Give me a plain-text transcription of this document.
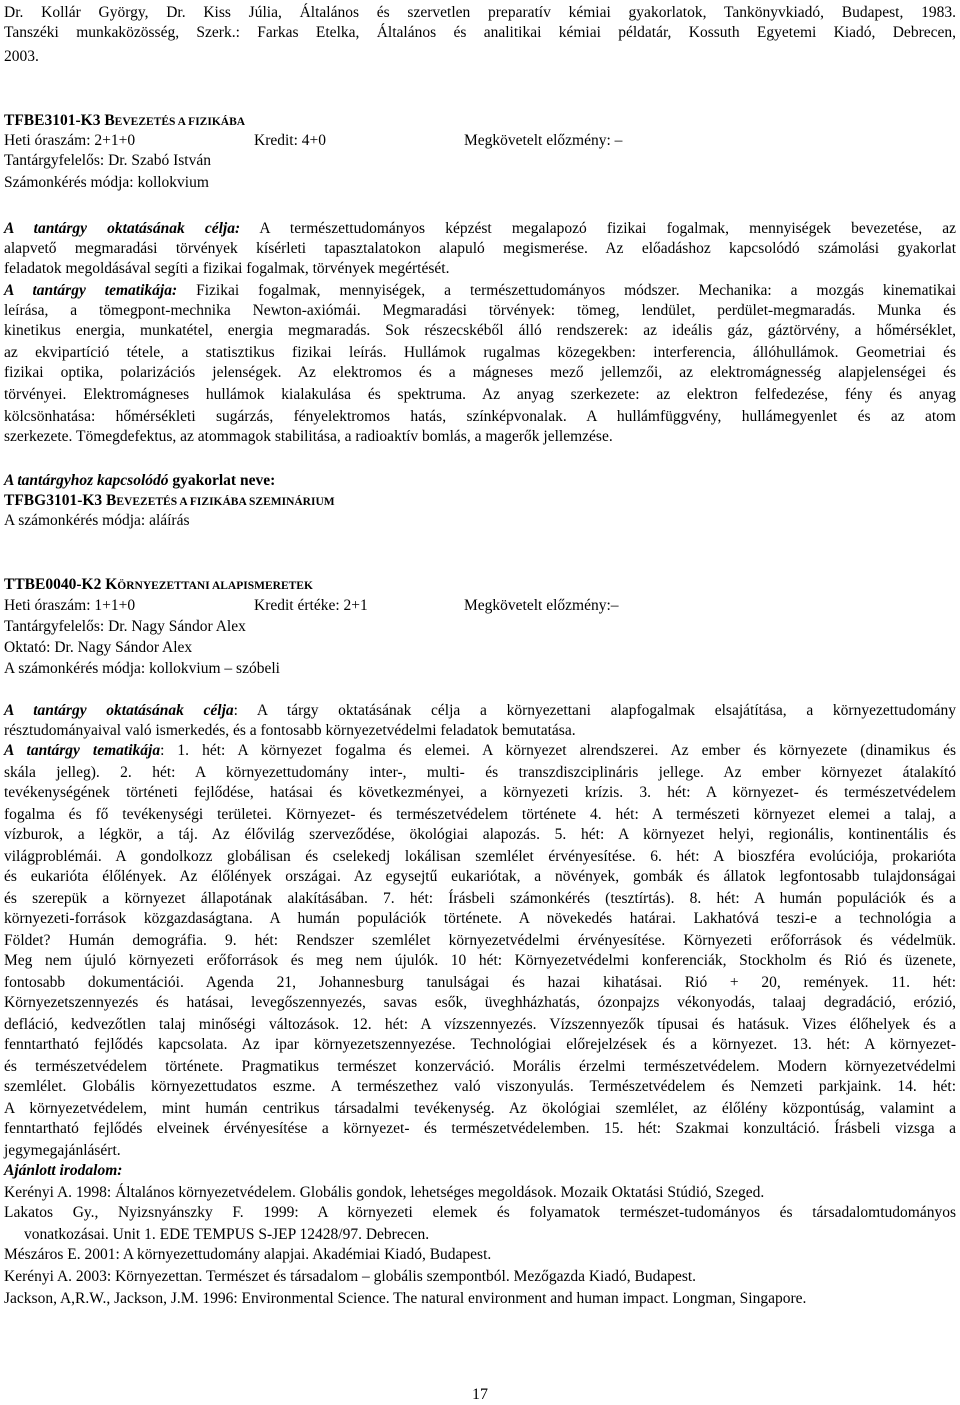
Dr. Kollár György, Dr. Kiss Júlia, Általános és szervetlen preparatív kémiai gyakorlatok, Tankönyvkiadó, Budapest, 1983.
Tanszéki munkaközösség, Szerk.: Farkas Etelka, Általános és analitikai kémiai példatár, Kossuth Egyetemi Kiadó, Debrecen,
2003.
TFBE3101-K3 BEVEZETÉS A FIZIKÁBA
Heti óraszám: 2+1+0	Kredit: 4+0	Megkövetelt előzmény: –
Tantárgyfelelős: Dr. Szabó István
Számonkérés módja: kollokvium
A tantárgy oktatásának célja: A természettudományos képzést megalapozó fizikai fogalmak, mennyiségek bevezetése, az
alapvető megmaradási törvények kísérleti tapasztalatokon alapuló megismerése. Az előadáshoz kapcsolódó számolási gyakorlat
feladatok megoldásával segíti a fizikai fogalmak, törvények megértését.
A tantárgy tematikája: Fizikai fogalmak, mennyiségek, a természettudományos módszer. Mechanika: a mozgás kinematikai
leírása, a tömegpont-mechnika Newton-axiómái. Megmaradási törvények: tömeg, lendület, perdület-megmaradás. Munka és
kinetikus energia, munkatétel, energia megmaradás. Sok részecskéből álló rendszerek: az ideális gáz, gáztörvény, a hőmérséklet,
az ekvipartíció tétele, a statisztikus fizikai leírás. Hullámok rugalmas közegekben: interferencia, állóhullámok. Geometriai és
fizikai optika, polarizációs jelenségek. Az elektromos és a mágneses mező jellemzői, az elektromágnesség alapjelenségei és
törvényei. Elektromágneses hullámok kialakulása és spektruma. Az anyag szerkezete: az elektron felfedezése, fény és anyag
kölcsönhatása: hőmérsékleti sugárzás, fényelektromos hatás, színképvonalak. A hullámfüggvény, hullámegyenlet és az atom
szerkezete. Tömegdefektus, az atommagok stabilitása, a radioaktív bomlás, a magerők jellemzése.
A tantárgyhoz kapcsolódó gyakorlat neve:
TFBG3101-K3 BEVEZETÉS A FIZIKÁBA SZEMINÁRIUM
A számonkérés módja: aláírás
TTBE0040-K2 KÖRNYEZETTANI ALAPISMERETEK
Heti óraszám: 1+1+0	Kredit értéke: 2+1	Megkövetelt előzmény:–
Tantárgyfelelős: Dr. Nagy Sándor Alex
Oktató: Dr. Nagy Sándor Alex
A számonkérés módja: kollokvium – szóbeli
A tantárgy oktatásának célja: A tárgy oktatásának célja a környezettani alapfogalmak elsajátítása, a környezettudomány
résztudományaival való ismerkedés, és a fontosabb környezetvédelmi feladatok bemutatása.
A tantárgy tematikája: 1. hét: A környezet fogalma és elemei. A környezet alrendszerei. Az ember és környezete (dinamikus és
skála jelleg). 2. hét: A környezettudomány inter-, multi- és transzdiszciplináris jellege. Az ember környezet átalakító
tevékenységének történeti fejlődése, hatásai és következményei, a környezeti krízis. 3. hét: A környezet- és természetvédelem
fogalma és fő tevékenységi területei. Környezet- és természetvédelem története 4. hét: A természeti környezet elemei a talaj, a
vízburok, a légkör, a táj. Az élővilág szerveződése, ökológiai alapozás. 5. hét: A környezet helyi, regionális, kontinentális és
világproblémái. A gondolkozz globálisan és cselekedj lokálisan szemlélet érvényesítése. 6. hét: A bioszféra evolúciója, prokarióta
és eukarióta élőlények. Az élőlények országai. Az egysejtű eukariótak, a növények, gombák és állatok legfontosabb tulajdonságai
és szerepük a környezet állapotának alakításában. 7. hét: Írásbeli számonkérés (tesztírtás). 8. hét: A humán populációk és a
környezeti-források közgazdaságtana. A humán populációk története. A növekedés határai. Lakhatóvá teszi-e a technológia a
Földet? Humán demográfia. 9. hét: Rendszer szemlélet környezetvédelmi érvényesítése. Környezeti erőforrások és védelmük.
Meg nem újuló környezeti erőforrások és meg nem újulók. 10 hét: Környezetvédelmi konferenciák, Stockholm és Rió és üzenete,
fontosabb dokumentációi. Agenda 21, Johannesburg tanulságai és hazai kihatásai. Rió + 20, remények. 11. hét:
Környezetszennyezés és hatásai, levegőszennyezés, savas esők, üveghházhatás, ózonpajzs vékonyodás, talaaj degradáció, erózió,
defláció, kedvezőtlen talaj minőségi változások. 12. hét: A vízszennyezés. Vízszennyezők típusai és hatásuk. Vizes élőhelyek és a
fenntartható fejlődés kapcsolata. Az ipar környezetszennyezése. Technológiai előrejelzések és a környezet. 13. hét: A környezet-
és természetvédelem története. Pragmatikus természet konzerváció. Morális érzelmi természetvédelem. Modern környezetvédelmi
szemlélet. Globális környezettudatos eszme. A természethez való viszonyulás. Természetvédelem és Nemzeti parkjaink. 14. hét:
A környezetvédelem, mint humán centrikus társadalmi tevékenység. Az ökológiai szemlélet, az élőlény központúság, valamint a
fenntartható fejlődés elveinek érvényesítése a környezet- és természetvédelemben. 15. hét: Szakmai konzultáció. Írásbeli vizsga a
jegymegajánlásért.
Ajánlott irodalom:
Kerényi A. 1998: Általános környezetvédelem. Globális gondok, lehetséges megoldások. Mozaik Oktatási Stúdió, Szeged.
Lakatos Gy., Nyizsnyánszky F. 1999: A környezeti elemek és folyamatok természet-tudományos és társadalomtudományos
vonatkozásai. Unit 1. EDE TEMPUS S-JEP 12428/97. Debrecen.
Mészáros E. 2001: A környezettudomány alapjai. Akadémiai Kiadó, Budapest.
Kerényi A. 2003: Környezettan. Természet és társadalom – globális szempontból. Mezőgazda Kiadó, Budapest.
Jackson, A,R.W., Jackson, J.M. 1996: Environmental Science. The natural environment and human impact. Longman, Singapore.
17
